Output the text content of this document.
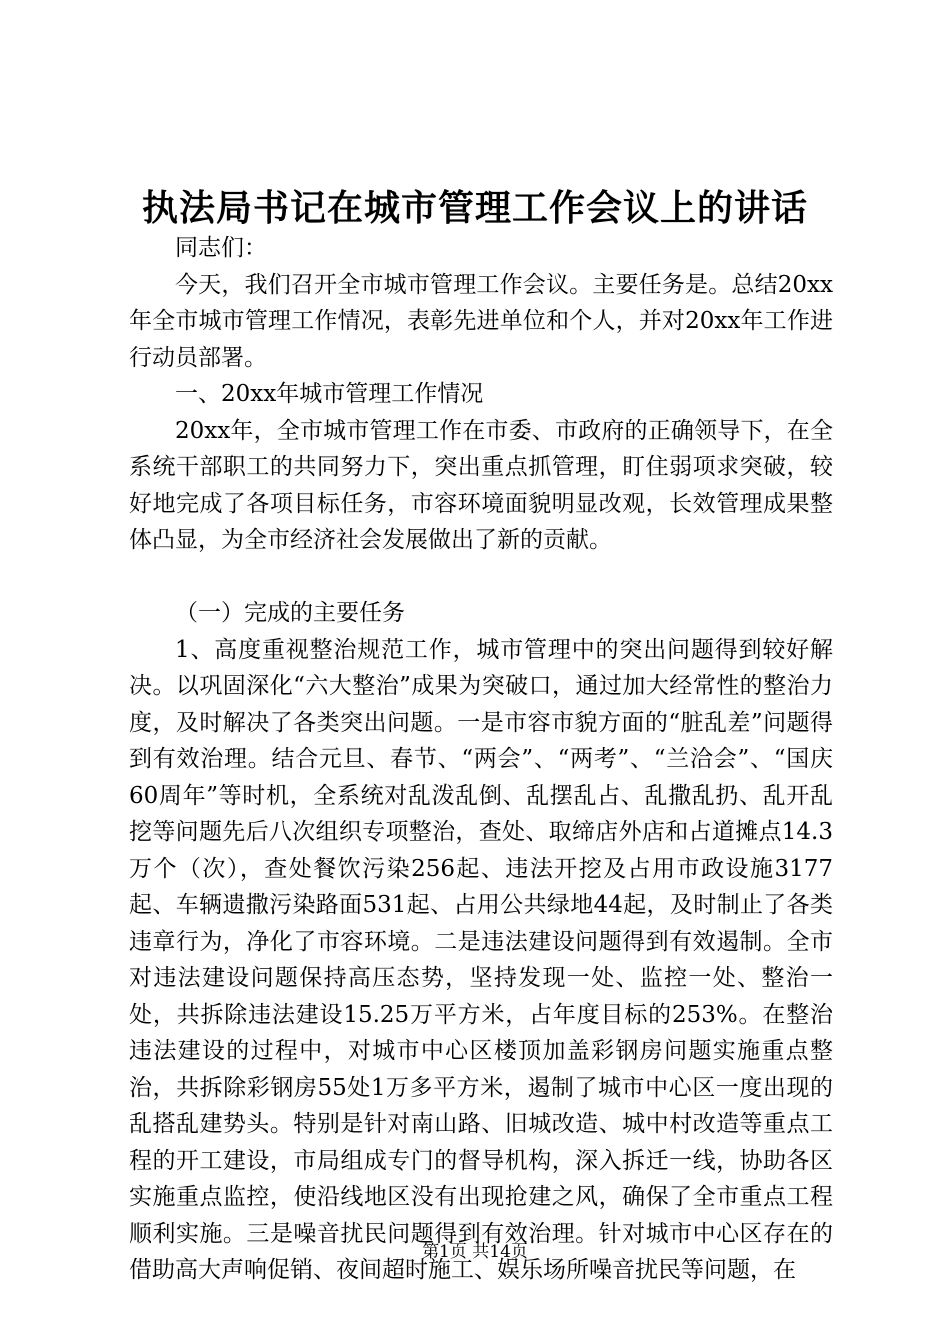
执法局书记在城市管理工作会议上的讲话

同志们：

今天，我们召开全市城市管理工作会议。主要任务是。总结20xx年全市城市管理工作情况，表彰先进单位和个人，并对20xx年工作进行动员部署。

一、20xx年城市管理工作情况

20xx年，全市城市管理工作在市委、市政府的正确领导下，在全系统干部职工的共同努力下，突出重点抓管理，盯住弱项求突破，较好地完成了各项目标任务，市容环境面貌明显改观，长效管理成果整体凸显，为全市经济社会发展做出了新的贡献。

（一）完成的主要任务

1、高度重视整治规范工作，城市管理中的突出问题得到较好解决。以巩固深化“六大整治”成果为突破口，通过加大经常性的整治力度，及时解决了各类突出问题。一是市容市貌方面的“脏乱差”问题得到有效治理。结合元旦、春节、“两会”、“两考”、“兰洽会”、“国庆60周年”等时机，全系统对乱泼乱倒、乱摆乱占、乱撒乱扔、乱开乱挖等问题先后八次组织专项整治，查处、取缔店外店和占道摊点14.3万个（次），查处餐饮污染256起、违法开挖及占用市政设施3177起、车辆遗撒污染路面531起、占用公共绿地44起，及时制止了各类违章行为，净化了市容环境。二是违法建设问题得到有效遏制。全市对违法建设问题保持高压态势，坚持发现一处、监控一处、整治一处，共拆除违法建设15.25万平方米，占年度目标的253%。在整治违法建设的过程中，对城市中心区楼顶加盖彩钢房问题实施重点整治，共拆除彩钢房55处1万多平方米，遏制了城市中心区一度出现的乱搭乱建势头。特别是针对南山路、旧城改造、城中村改造等重点工程的开工建设，市局组成专门的督导机构，深入拆迁一线，协助各区实施重点监控，使沿线地区没有出现抢建之风，确保了全市重点工程顺利实施。三是噪音扰民问题得到有效治理。针对城市中心区存在的借助高大声响促销、夜间超时施工、娱乐场所噪音扰民等问题，在

第1页 共14页
